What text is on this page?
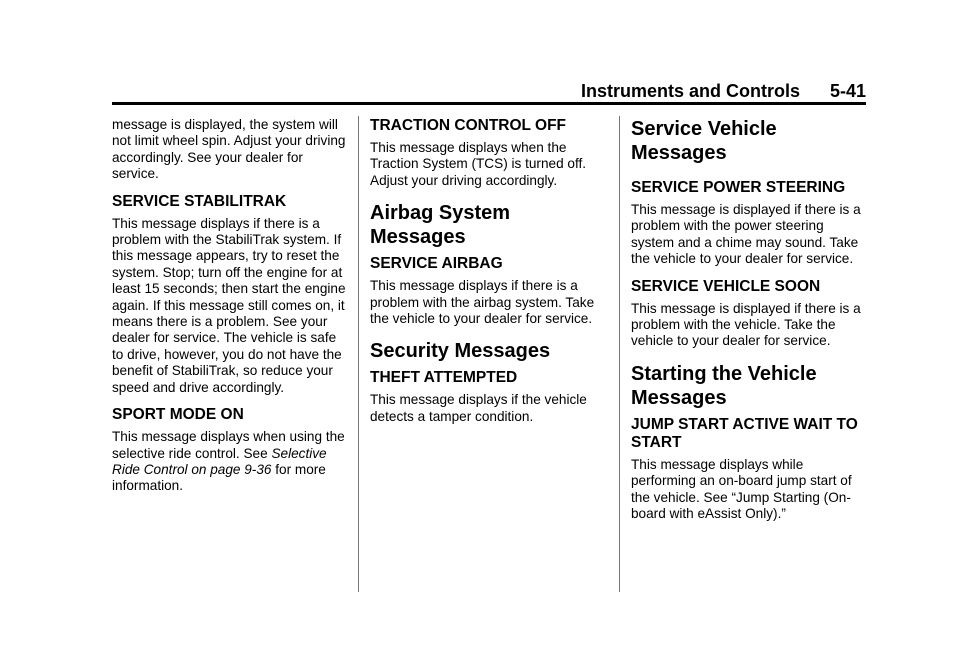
Instruments and Controls 5-41

message is displayed, the system will not limit wheel spin. Adjust your driving accordingly. See your dealer for service.

SERVICE STABILITRAK

This message displays if there is a problem with the StabiliTrak system. If this message appears, try to reset the system. Stop; turn off the engine for at least 15 seconds; then start the engine again. If this message still comes on, it means there is a problem. See your dealer for service. The vehicle is safe to drive, however, you do not have the benefit of StabiliTrak, so reduce your speed and drive accordingly.

SPORT MODE ON

This message displays when using the selective ride control. See Selective Ride Control on page 9-36 for more information.

TRACTION CONTROL OFF

This message displays when the Traction System (TCS) is turned off. Adjust your driving accordingly.

Airbag System Messages
SERVICE AIRBAG

This message displays if there is a problem with the airbag system. Take the vehicle to your dealer for service.

Security Messages
THEFT ATTEMPTED

This message displays if the vehicle detects a tamper condition.

Service Vehicle Messages
SERVICE POWER STEERING

This message is displayed if there is a problem with the power steering system and a chime may sound. Take the vehicle to your dealer for service.

SERVICE VEHICLE SOON

This message is displayed if there is a problem with the vehicle. Take the vehicle to your dealer for service.

Starting the Vehicle Messages
JUMP START ACTIVE WAIT TO START

This message displays while performing an on-board jump start of the vehicle. See “Jump Starting (On-board with eAssist Only).”
